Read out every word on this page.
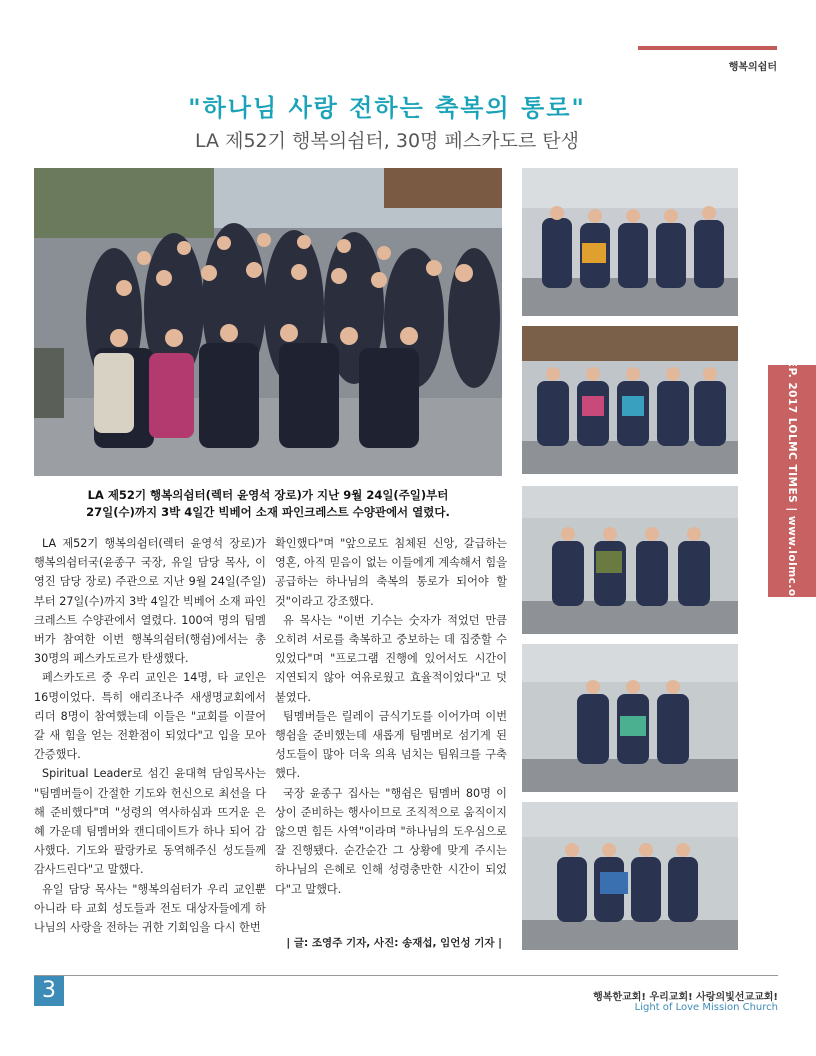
행복의쉼터
"하나님 사랑 전하는 축복의 통로"
LA 제52기 행복의쉼터, 30명 페스카도르 탄생
LA 제52기 행복의쉼터(렉터 윤영석 장로)가 지난 9월 24일(주일)부터
27일(수)까지 3박 4일간 빅베어 소재 파인크레스트 수양관에서 열렸다.

LA 제52기 행복의쉼터(렉터 윤영석 장로)가 행복의쉼터국(윤종구 국장, 유일 담당 목사, 이영진 담당 장로) 주관으로 지난 9월 24일(주일)부터 27일(수)까지 3박 4일간 빅베어 소재 파인크레스트 수양관에서 열렸다. 100여 명의 팀멤버가 참여한 이번 행복의쉼터(행쉼)에서는 총 30명의 페스카도르가 탄생했다.

페스카도르 중 우리 교인은 14명, 타 교인은 16명이었다. 특히 애리조나주 새생명교회에서 리더 8명이 참여했는데 이들은 "교회를 이끌어 갈 새 힘을 얻는 전환점이 되었다"고 입을 모아 간증했다.

Spiritual Leader로 섬긴 윤대혁 담임목사는 "팀멤버들이 간절한 기도와 헌신으로 최선을 다해 준비했다"며 "성령의 역사하심과 뜨거운 은혜 가운데 팀멤버와 캔디데이트가 하나 되어 감사했다. 기도와 팔랑카로 동역해주신 성도들께 감사드린다"고 말했다.

유일 담당 목사는 "행복의쉼터가 우리 교인뿐 아니라 타 교회 성도들과 전도 대상자들에게 하나님의 사랑을 전하는 귀한 기회임을 다시 한번

확인했다"며 "앞으로도 침체된 신앙, 갈급하는 영혼, 아직 믿음이 없는 이들에게 계속해서 힘을 공급하는 하나님의 축복의 통로가 되어야 할 것"이라고 강조했다.

유 목사는 "이번 기수는 숫자가 적었던 만큼 오히려 서로를 축복하고 중보하는 데 집중할 수 있었다"며 "프로그램 진행에 있어서도 시간이 지연되지 않아 여유로웠고 효율적이었다"고 덧붙였다.

팀멤버들은 릴레이 금식기도를 이어가며 이번 행쉼을 준비했는데 새롭게 팀멤버로 섬기게 된 성도들이 많아 더욱 의욕 넘치는 팀워크를 구축했다.

국장 윤종구 집사는 "행쉼은 팀멤버 80명 이상이 준비하는 행사이므로 조직적으로 움직이지 않으면 힘든 사역"이라며 "하나님의 도우심으로 잘 진행됐다. 순간순간 그 상황에 맞게 주시는 하나님의 은혜로 인해 성령충만한 시간이 되었다"고 말했다.

| 글: 조영주 기자, 사진: 송재섭, 임언성 기자 |
SEP. 2017 LOLMC TIMES | www.lolmc.org
3	행복한교회! 우리교회! 사랑의빛선교교회!
Light of Love Mission Church
